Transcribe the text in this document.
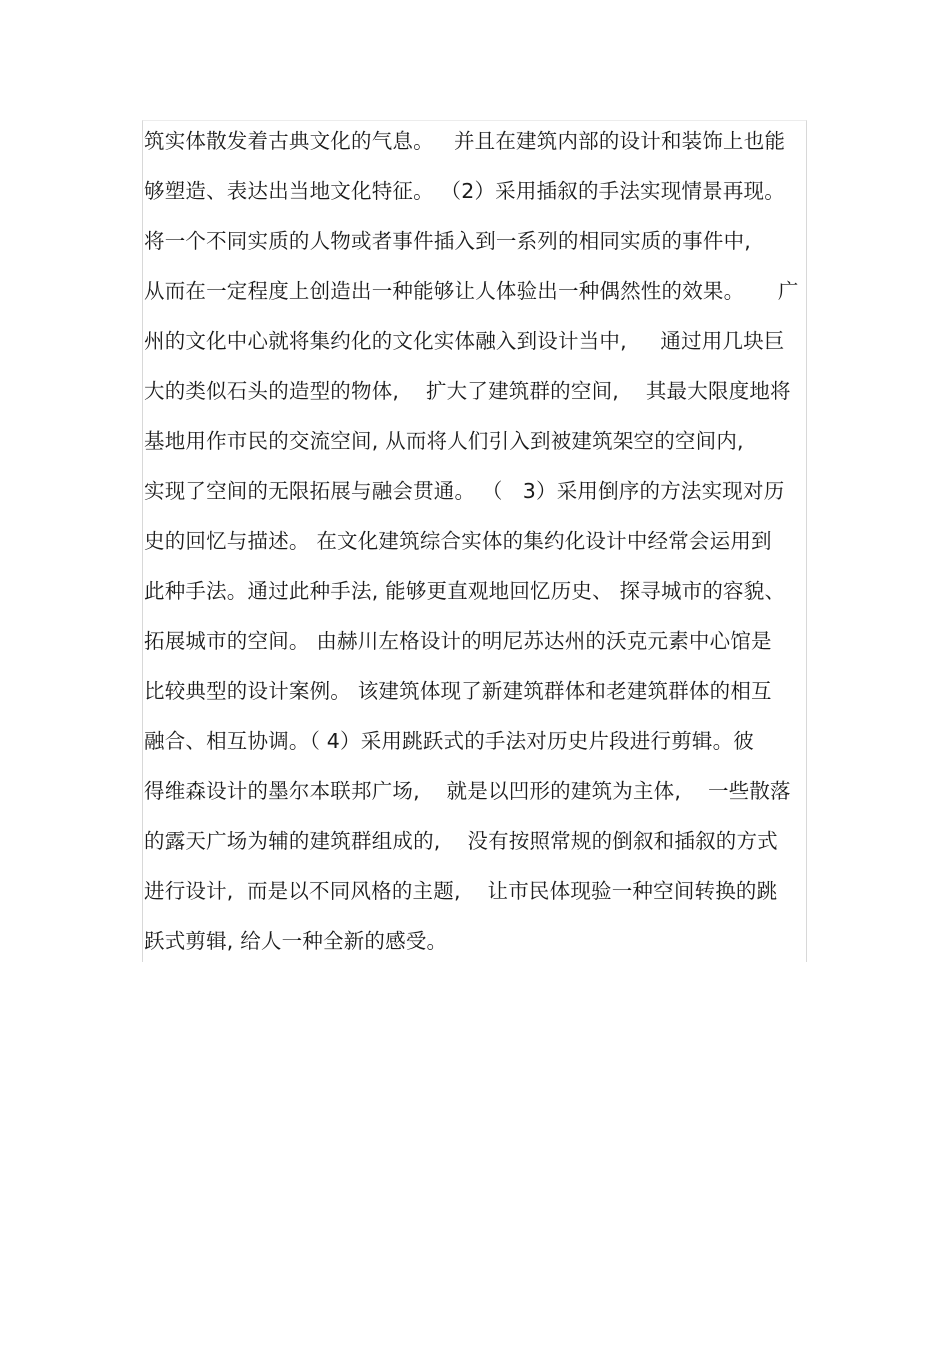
筑实体散发着古典文化的气息。   并且在建筑内部的设计和装饰上也能
够塑造、表达出当地文化特征。 （2）采用插叙的手法实现情景再现。
将一个不同实质的人物或者事件插入到一系列的相同实质的事件中,
从而在一定程度上创造出一种能够让人体验出一种偶然性的效果。     广
州的文化中心就将集约化的文化实体融入到设计当中,     通过用几块巨
大的类似石头的造型的物体,    扩大了建筑群的空间,    其最大限度地将
基地用作市民的交流空间, 从而将人们引入到被建筑架空的空间内,
实现了空间的无限拓展与融会贯通。 （   3）采用倒序的方法实现对历
史的回忆与描述。 在文化建筑综合实体的集约化设计中经常会运用到
此种手法。通过此种手法, 能够更直观地回忆历史、 探寻城市的容貌、
拓展城市的空间。 由赫川左格设计的明尼苏达州的沃克元素中心馆是
比较典型的设计案例。 该建筑体现了新建筑群体和老建筑群体的相互
融合、相互协调。（ 4）采用跳跃式的手法对历史片段进行剪辑。彼
得维森设计的墨尔本联邦广场,    就是以凹形的建筑为主体,    一些散落
的露天广场为辅的建筑群组成的,    没有按照常规的倒叙和插叙的方式
进行设计,  而是以不同风格的主题,    让市民体现验一种空间转换的跳
跃式剪辑, 给人一种全新的感受。
